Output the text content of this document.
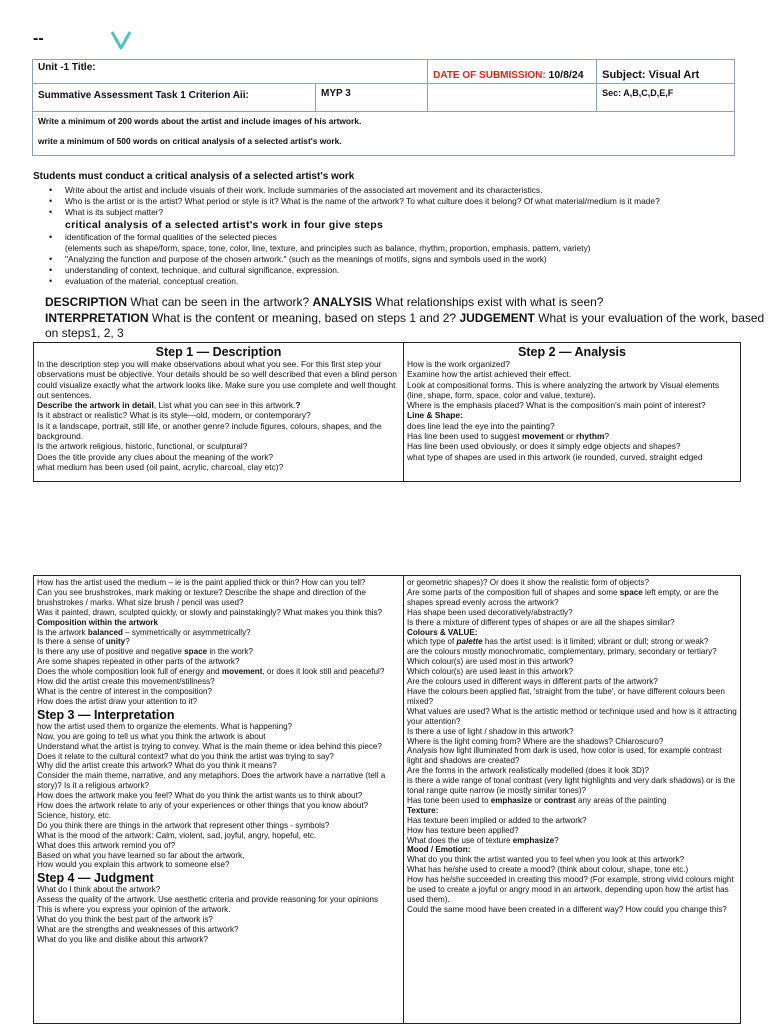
--
Unit -1 Title:		DATE OF SUBMISSION: 10/8/24	Subject: Visual Art
Summative Assessment Task 1 Criterion Aii:	MYP 3		Sec: A,B,C,D,E,F

Write a minimum of 200 words about the artist and include images of his artwork.
write a minimum of 500 words on critical analysis of a selected artist's work.			
Students must conduct a critical analysis of a selected artist's work
• Write about the artist and include visuals of their work. Include summaries of the associated art movement and its characteristics.
• Who is the artist or is the artist? What period or style is it? What is the name of the artwork? To what culture does it belong? Of what material/medium is it made?
• What is its subject matter?
critical analysis of a selected artist's work in four give steps
• identification of the formal qualities of the selected pieces
(elements such as shape/form, space, tone, color, line, texture, and principles such as balance, rhythm, proportion, emphasis, pattern, variety)
• "Analyzing the function and purpose of the chosen artwork." (such as the meanings of motifs, signs and symbols used in the work)
• understanding of context, technique, and cultural significance, expression.
• evaluation of the material, conceptual creation.
DESCRIPTION What can be seen in the artwork? ANALYSIS What relationships exist with what is seen?
INTERPRETATION What is the content or meaning, based on steps 1 and 2? JUDGEMENT What is your evaluation of the work, based
on steps1, 2, 3

Step 1 — Description

In the description step you will make observations about what you see. For this first step your observations must be objective. Your details should be so well described that even a blind person could visualize exactly what the artwork looks like. Make sure you use complete and well thought out sentences.

Describe the artwork in detail, List what you can see in this artwork.?

Is it abstract or realistic? What is its style—old, modern, or contemporary?

Is it a landscape, portrait, still life, or another genre? include figures, colours, shapes, and the background.

Is the artwork religious, historic, functional, or sculptural?

Does the title provide any clues about the meaning of the work?

what medium has been used (oil paint, acrylic, charcoal, clay etc)?

Step 2 — Analysis

How is the work organized?

Examine how the artist achieved their effect.

Look at compositional forms. This is where analyzing the artwork by Visual elements (line, shape, form, space, color and value, texture).

Where is the emphasis placed? What is the composition's main point of interest?

Line & Shape:

does line lead the eye into the painting?

Has line been used to suggest movement or rhythm?

Has line been used obviously, or does it simply edge objects and shapes?

what type of shapes are used in this artwork (ie rounded, curved, straight edged

How has the artist used the medium – ie is the paint applied thick or thin? How can you tell?

Can you see brushstrokes, mark making or texture? Describe the shape and direction of the brushstrokes / marks. What size brush / pencil was used?

Was it painted, drawn, sculpted quickly, or slowly and painstakingly? What makes you think this?

Composition within the artwork

Is the artwork balanced – symmetrically or asymmetrically?

Is there a sense of unity?

Is there any use of positive and negative space in the work?

Are some shapes repeated in other parts of the artwork?

Does the whole composition look full of energy and movement, or does it look still and peaceful? How did the artist create this movement/stillness?

What is the centre of interest in the composition?

How does the artist draw your attention to it?

Step 3 — Interpretation

how the artist used them to organize the elements. What is happening?

Now, you are going to tell us what you think the artwork is about

Understand what the artist is trying to convey. What is the main theme or idea behind this piece? Does it relate to the cultural context? what do you think the artist was trying to say?

Why did the artist create this artwork? What do you think it means?

Consider the main theme, narrative, and any metaphors. Does the artwork have a narrative (tell a story)? Is it a religious artwork?

How does the artwork make you feel? What do you think the artist wants us to think about?

How does the artwork relate to any of your experiences or other things that you know about? Science, history, etc.

Do you think there are things in the artwork that represent other things - symbols?

What is the mood of the artwork: Calm, violent, sad, joyful, angry, hopeful, etc.

What does this artwork remind you of?

Based on what you have learned so far about the artwork,

How would you explain this artwork to someone else?

Step 4 — Judgment

What do I think about the artwork?

Assess the quality of the artwork. Use aesthetic criteria and provide reasoning for your opinions

This is where you express your opinion of the artwork.

What do you think the best part of the artwork is?

What are the strengths and weaknesses of this artwork?

What do you like and dislike about this artwork?

or geometric shapes)? Or does it show the realistic form of objects?

Are some parts of the composition full of shapes and some space left empty, or are the shapes spread evenly across the artwork?

Has shape been used decoratively/abstractly?

Is there a mixture of different types of shapes or are all the shapes similar?

Colours & VALUE:

which type of palette has the artist used: is it limited; vibrant or dull; strong or weak?

are the colours mostly monochromatic, complementary, primary, secondary or tertiary?

Which colour(s) are used most in this artwork?

Which colour(s) are used least in this artwork?

Are the colours used in different ways in different parts of the artwork?

Have the colours been applied flat, 'straight from the tube', or have different colours been mixed?

What values are used? What is the artistic method or technique used and how is it attracting your attention?

Is there a use of light / shadow in this artwork?

Where is the light coming from? Where are the shadows? Chiaroscuro?

Analysis how light illuminated from dark is used, how color is used, for example contrast light and shadows are created?

Are the forms in the artwork realistically modelled (does it look 3D)?

is there a wide range of tonal contrast (very light highlights and very dark shadows) or is the tonal range quite narrow (ie mostly similar tones)?

Has tone been used to emphasize or contrast any areas of the painting

Texture:

Has texture been implied or added to the artwork?

How has texture been applied?

What does the use of texture emphasize?

Mood / Emotion:

What do you think the artist wanted you to feel when you look at this artwork?

What has he/she used to create a mood? (think about colour, shape, tone etc.)

How has he/she succeeded in creating this mood? (For example, strong vivid colours might be used to create a joyful or angry mood in an artwork, depending upon how the artist has used them).

Could the same mood have been created in a different way? How could you change this?
